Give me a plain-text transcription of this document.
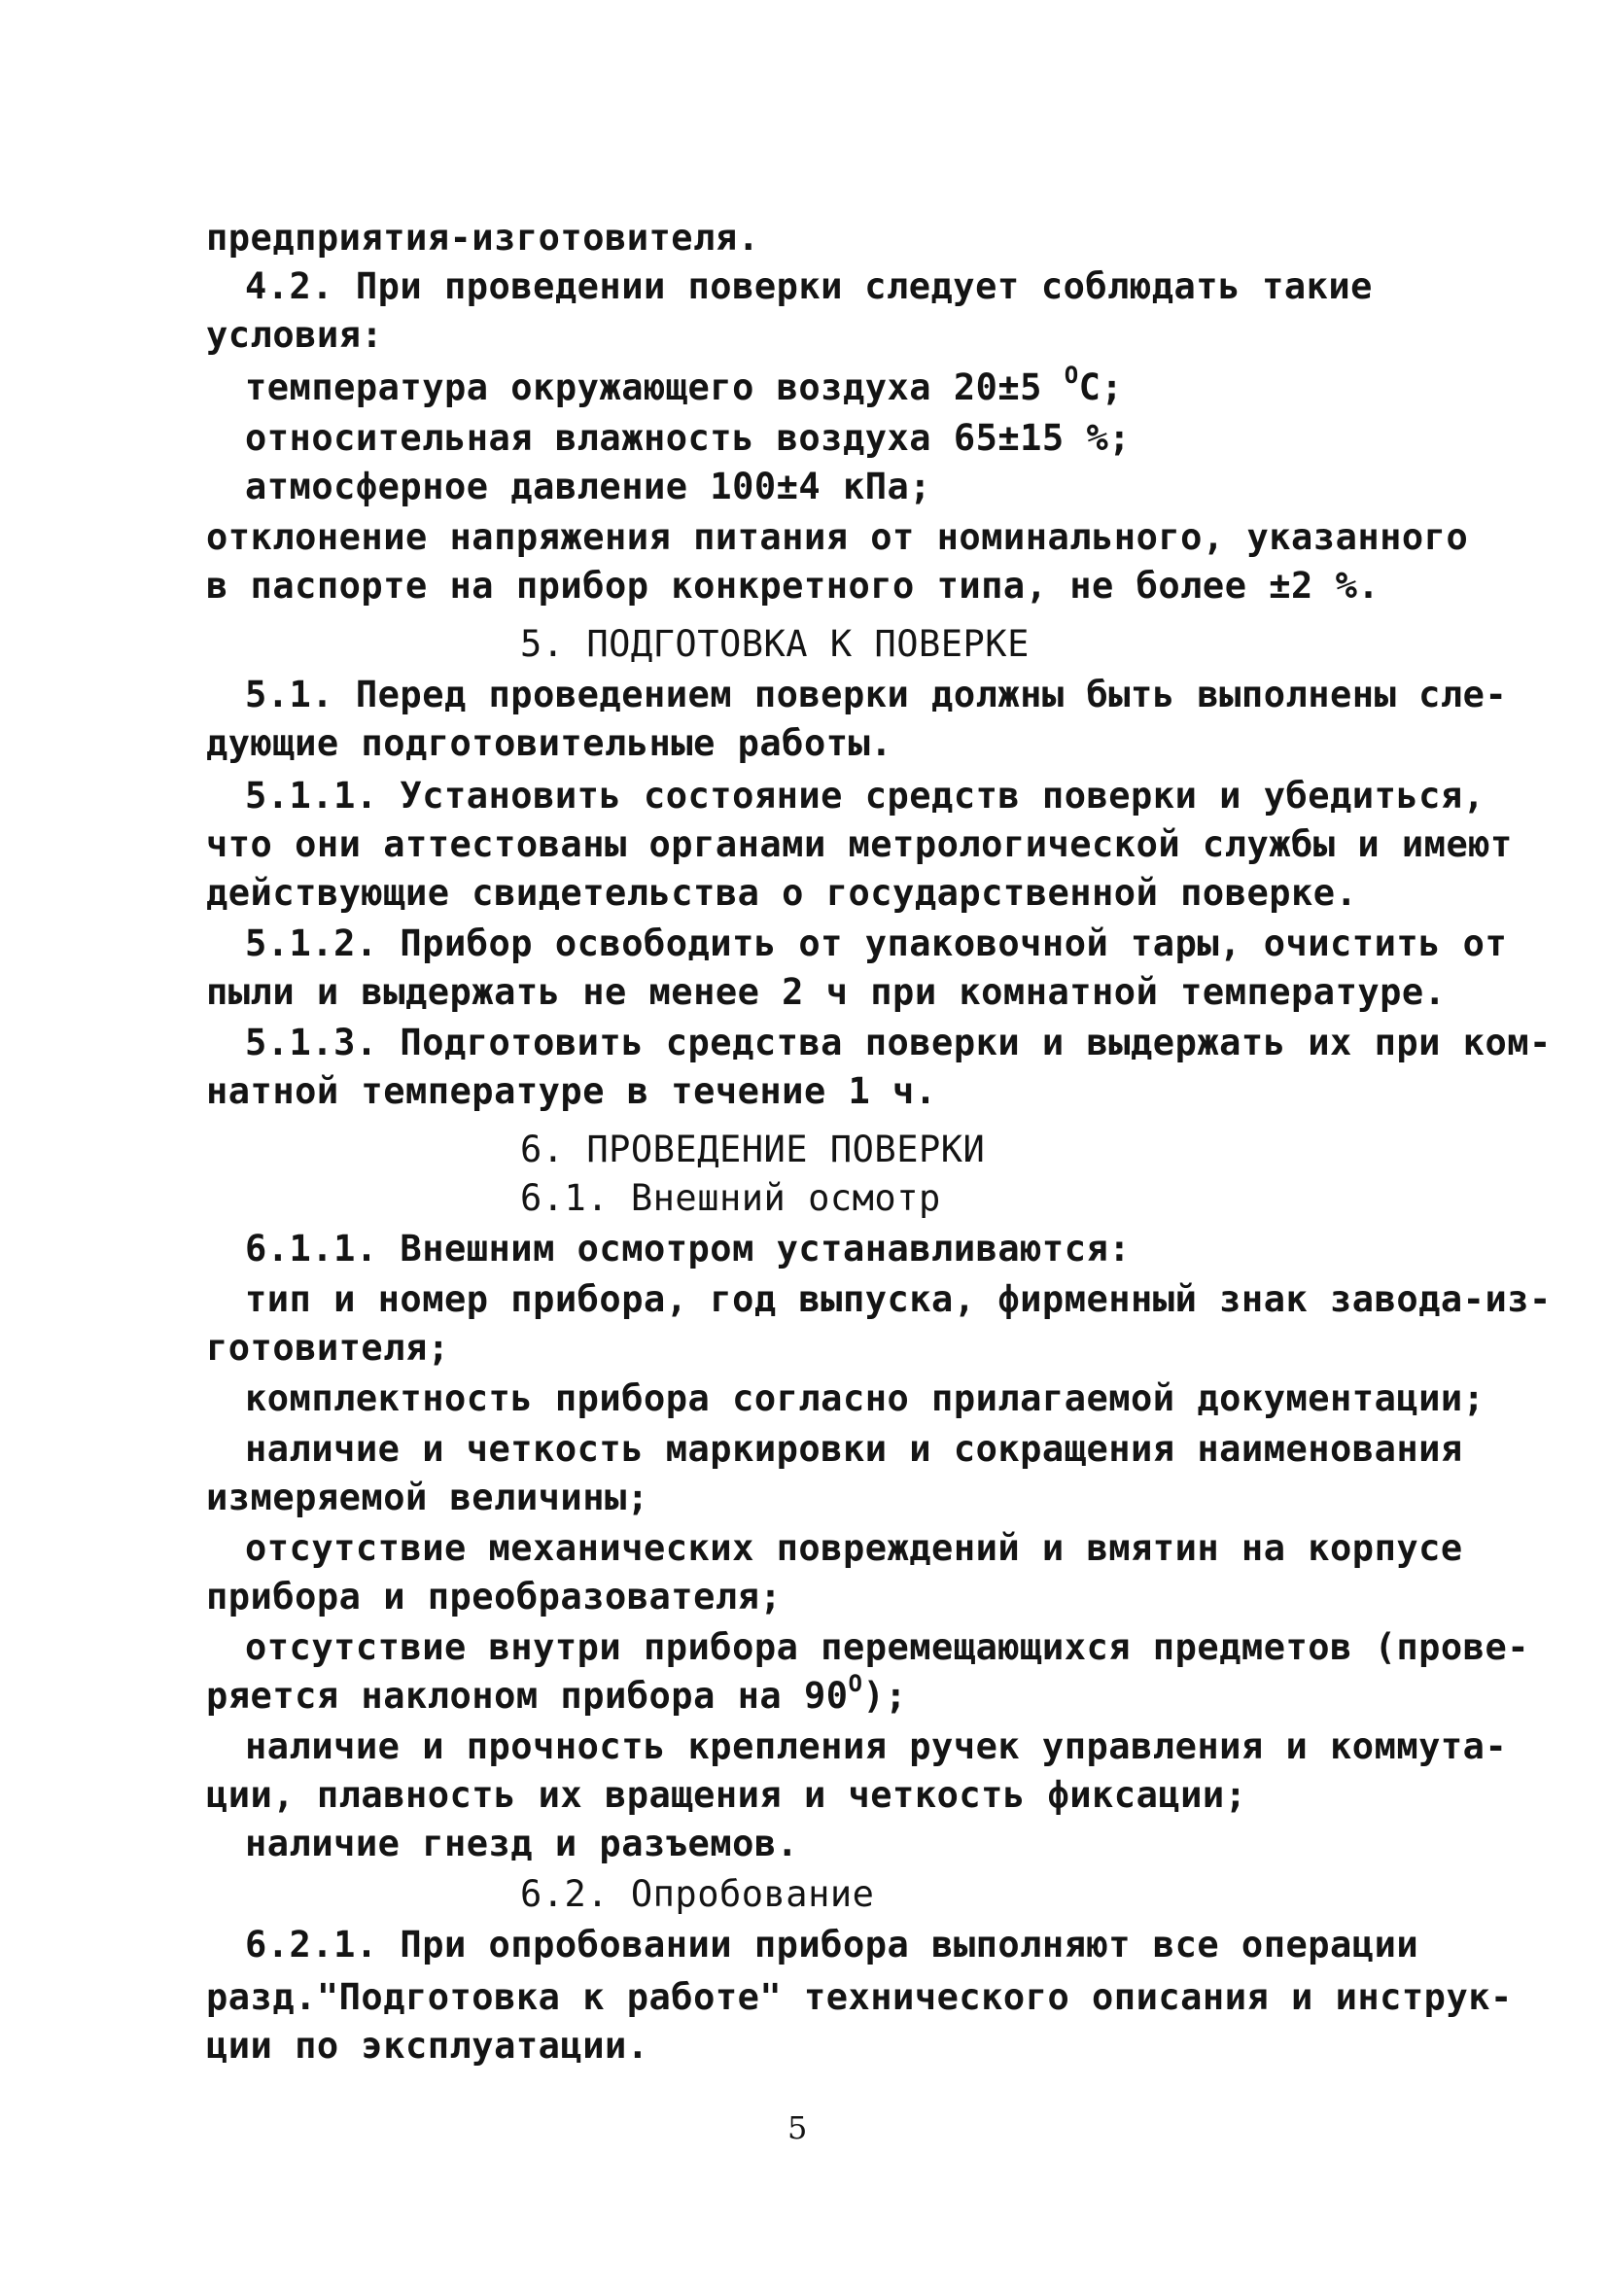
предприятия-изготовителя.
4.2. При проведении поверки следует соблюдать такие
условия:
температура окружающего воздуха 20±5 $^O$C;
относительная влажность воздуха 65±15 %;
атмосферное давление 100±4 кПа;
отклонение напряжения питания от номинального, указанного
в паспорте на прибор конкретного типа, не более ±2 %.
5. ПОДГОТОВКА К ПОВЕРКЕ
5.1. Перед проведением поверки должны быть выполнены сле-
дующие подготовительные работы.
5.1.1. Установить состояние средств поверки и убедиться,
что они аттестованы органами метрологической службы и имеют
действующие свидетельства о государственной поверке.
5.1.2. Прибор освободить от упаковочной тары, очистить от
пыли и выдержать не менее 2 ч при комнатной температуре.
5.1.3. Подготовить средства поверки и выдержать их при ком-
натной температуре в течение 1 ч.
6. ПРОВЕДЕНИЕ ПОВЕРКИ
6.1. Внешний осмотр
6.1.1. Внешним осмотром устанавливаются:
тип и номер прибора, год выпуска, фирменный знак завода-из-
готовителя;
комплектность прибора согласно прилагаемой документации;
наличие и четкость маркировки и сокращения наименования
измеряемой величины;
отсутствие механических повреждений и вмятин на корпусе
прибора и преобразователя;
отсутствие внутри прибора перемещающихся предметов (прове-
ряется наклоном прибора на $90^O$);
наличие и прочность крепления ручек управления и коммута-
ции, плавность их вращения и четкость фиксации;
наличие гнезд и разъемов.
6.2. Опробование
6.2.1. При опробовании прибора выполняют все операции
разд."Подготовка к работе" технического описания и инструк-
ции по эксплуатации.
5
